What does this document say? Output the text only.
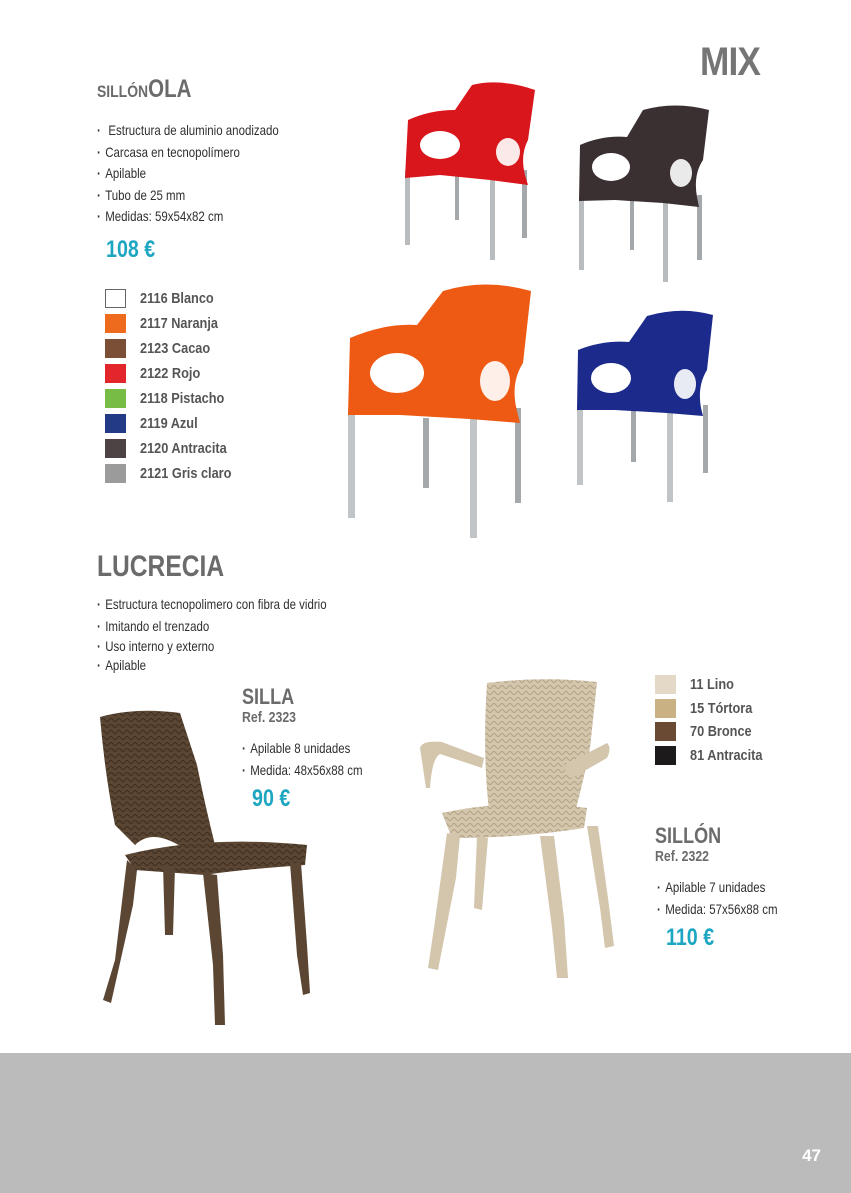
MIX
SILLÓNOLA
· Estructura de aluminio anodizado
· Carcasa en tecnopolímero
· Apilable
· Tubo de 25 mm
· Medidas: 59x54x82 cm
108 €
2116 Blanco
2117 Naranja
2123 Cacao
2122 Rojo
2118 Pistacho
2119 Azul
2120 Antracita
2121 Gris claro
LUCRECIA
· Estructura tecnopolimero con fibra de vidrio
· Imitando el trenzado
· Uso interno y externo
· Apilable
SILLA
Ref. 2323
· Apilable 8 unidades
· Medida: 48x56x88 cm
90 €
11 Lino
15 Tórtora
70 Bronce
81 Antracita
SILLÓN
Ref. 2322
· Apilable 7 unidades
· Medida: 57x56x88 cm
110 €
47
